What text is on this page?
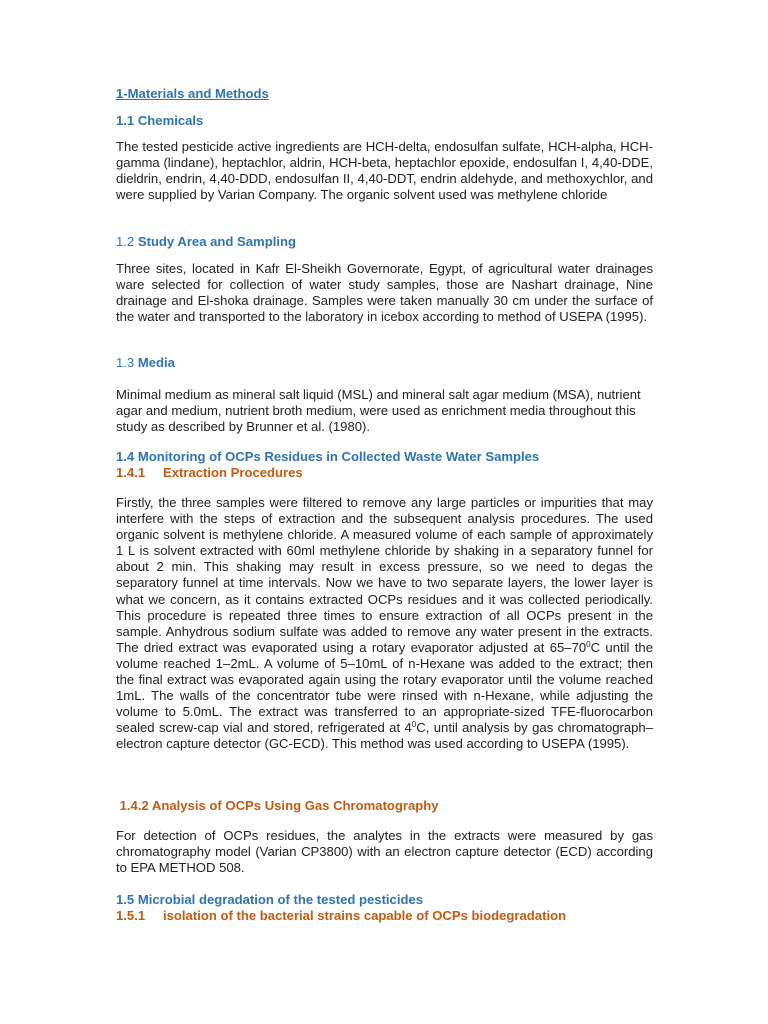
1-Materials and Methods
1.1 Chemicals

The tested pesticide active ingredients are HCH-delta, endosulfan sulfate, HCH-alpha, HCH-gamma (lindane), heptachlor, aldrin, HCH-beta, heptachlor epoxide, endosulfan I, 4,40-DDE, dieldrin, endrin, 4,40-DDD, endosulfan II, 4,40-DDT, endrin aldehyde, and methoxychlor, and were supplied by Varian Company. The organic solvent used was methylene chloride

1.2 Study Area and Sampling

Three sites, located in Kafr El-Sheikh Governorate, Egypt, of agricultural water drainages ware selected for collection of water study samples, those are Nashart drainage, Nine drainage and El-shoka drainage. Samples were taken manually 30 cm under the surface of the water and transported to the laboratory in icebox according to method of USEPA (1995).

1.3 Media

Minimal medium as mineral salt liquid (MSL) and mineral salt agar medium (MSA), nutrient agar and medium, nutrient broth medium, were used as enrichment media throughout this study as described by Brunner et al. (1980).

1.4 Monitoring of OCPs Residues in Collected Waste Water Samples
1.4.1	Extraction Procedures

Firstly, the three samples were filtered to remove any large particles or impurities that may interfere with the steps of extraction and the subsequent analysis procedures. The used organic solvent is methylene chloride. A measured volume of each sample of approximately 1 L is solvent extracted with 60ml methylene chloride by shaking in a separatory funnel for about 2 min. This shaking may result in excess pressure, so we need to degas the separatory funnel at time intervals. Now we have to two separate layers, the lower layer is what we concern, as it contains extracted OCPs residues and it was collected periodically. This procedure is repeated three times to ensure extraction of all OCPs present in the sample. Anhydrous sodium sulfate was added to remove any water present in the extracts. The dried extract was evaporated using a rotary evaporator adjusted at $65-70^0C$ until the volume reached 1–2mL. A volume of 5–10mL of n-Hexane was added to the extract; then the final extract was evaporated again using the rotary evaporator until the volume reached 1mL. The walls of the concentrator tube were rinsed with n-Hexane, while adjusting the volume to 5.0mL. The extract was transferred to an appropriate-sized TFE-fluorocarbon sealed screw-cap vial and stored, refrigerated at $4^0C$, until analysis by gas chromatograph–electron capture detector (GC-ECD). This method was used according to USEPA (1995).

1.4.2 Analysis of OCPs Using Gas Chromatography

For detection of OCPs residues, the analytes in the extracts were measured by gas chromatography model (Varian CP3800) with an electron capture detector (ECD) according to EPA METHOD 508.

1.5 Microbial degradation of the tested pesticides
1.5.1	isolation of the bacterial strains capable of OCPs biodegradation
